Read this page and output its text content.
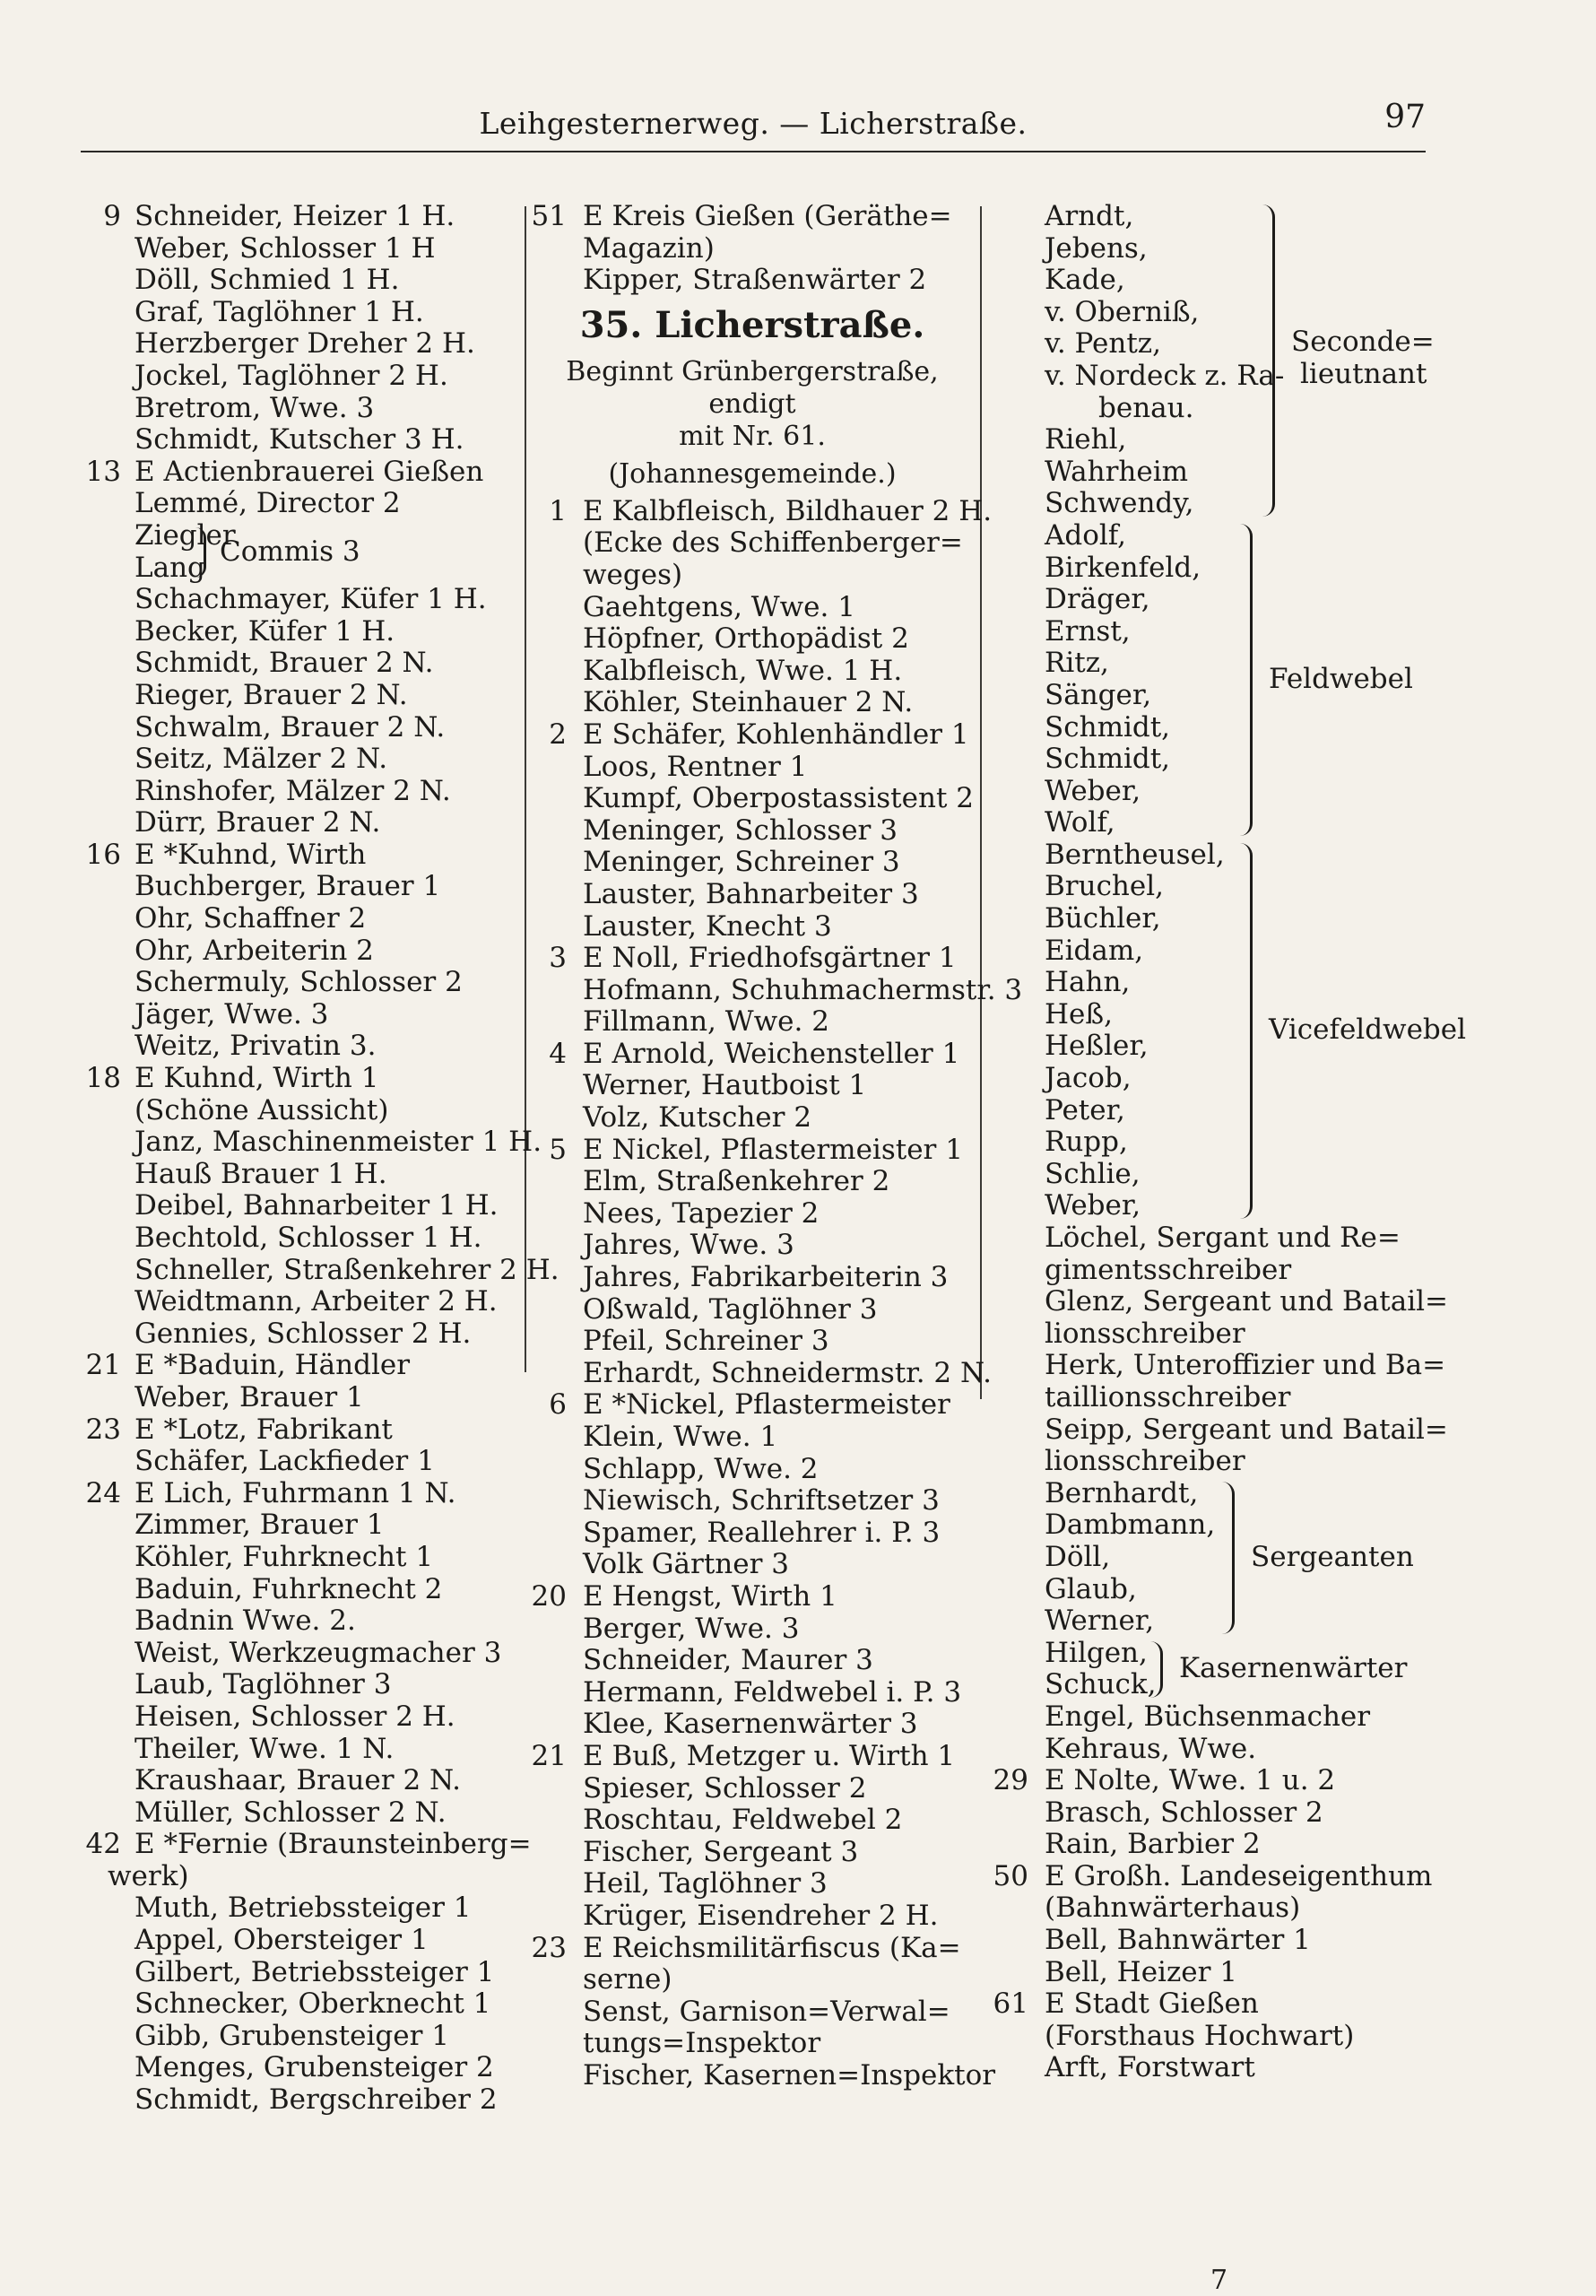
Leihgesternerweg. — Licherstraße.	97
9 Schneider, Heizer 1 H.
Weber, Schlosser 1 H
Döll, Schmied 1 H.
Graf, Taglöhner 1 H.
Herzberger Dreher 2 H.
Jockel, Taglöhner 2 H.
Bretrom, Wwe. 3
Schmidt, Kutscher 3 H.
13 E Actienbrauerei Gießen
Lemmé, Director 2
Ziegler
Lang Commis 3
Schachmayer, Küfer 1 H.
Becker, Küfer 1 H.
Schmidt, Brauer 2 N.
Rieger, Brauer 2 N.
Schwalm, Brauer 2 N.
Seitz, Mälzer 2 N.
Rinshofer, Mälzer 2 N.
Dürr, Brauer 2 N.
16 E *Kuhnd, Wirth
Buchberger, Brauer 1
Ohr, Schaffner 2
Ohr, Arbeiterin 2
Schermuly, Schlosser 2
Jäger, Wwe. 3
Weitz, Privatin 3.
18 E Kuhnd, Wirth 1
(Schöne Aussicht)
Janz, Maschinenmeister 1 H.
Hauß Brauer 1 H.
Deibel, Bahnarbeiter 1 H.
Bechtold, Schlosser 1 H.
Schneller, Straßenkehrer 2 H.
Weidtmann, Arbeiter 2 H.
Gennies, Schlosser 2 H.
21 E *Baduin, Händler
Weber, Brauer 1
23 E *Lotz, Fabrikant
Schäfer, Lackfieder 1
24 E Lich, Fuhrmann 1 N.
Zimmer, Brauer 1
Köhler, Fuhrknecht 1
Baduin, Fuhrknecht 2
Badnin Wwe. 2.
Weist, Werkzeugmacher 3
Laub, Taglöhner 3
Heisen, Schlosser 2 H.
Theiler, Wwe. 1 N.
Kraushaar, Brauer 2 N.
Müller, Schlosser 2 N.
42 E *Fernie (Braunsteinberg=
werk)
Muth, Betriebssteiger 1
Appel, Obersteiger 1
Gilbert, Betriebssteiger 1
Schnecker, Oberknecht 1
Gibb, Grubensteiger 1
Menges, Grubensteiger 2
Schmidt, Bergschreiber 2
51 E Kreis Gießen (Geräthe=
Magazin)
Kipper, Straßenwärter 2
35. Licherstraße.
Beginnt Grünbergerstraße, endigt
mit Nr. 61.
(Johannesgemeinde.)
1 E Kalbfleisch, Bildhauer 2 H.
(Ecke des Schiffenberger=
weges)
Gaehtgens, Wwe. 1
Höpfner, Orthopädist 2
Kalbfleisch, Wwe. 1 H.
Köhler, Steinhauer 2 N.
2 E Schäfer, Kohlenhändler 1
Loos, Rentner 1
Kumpf, Oberpostassistent 2
Meninger, Schlosser 3
Meninger, Schreiner 3
Lauster, Bahnarbeiter 3
Lauster, Knecht 3
3 E Noll, Friedhofsgärtner 1
Hofmann, Schuhmachermstr. 3
Fillmann, Wwe. 2
4 E Arnold, Weichensteller 1
Werner, Hautboist 1
Volz, Kutscher 2
5 E Nickel, Pflastermeister 1
Elm, Straßenkehrer 2
Nees, Tapezier 2
Jahres, Wwe. 3
Jahres, Fabrikarbeiterin 3
Oßwald, Taglöhner 3
Pfeil, Schreiner 3
Erhardt, Schneidermstr. 2 N.
6 E *Nickel, Pflastermeister
Klein, Wwe. 1
Schlapp, Wwe. 2
Niewisch, Schriftsetzer 3
Spamer, Reallehrer i. P. 3
Volk Gärtner 3
20 E Hengst, Wirth 1
Berger, Wwe. 3
Schneider, Maurer 3
Hermann, Feldwebel i. P. 3
Klee, Kasernenwärter 3
21 E Buß, Metzger u. Wirth 1
Spieser, Schlosser 2
Roschtau, Feldwebel 2
Fischer, Sergeant 3
Heil, Taglöhner 3
Krüger, Eisendreher 2 H.
23 E Reichsmilitärfiscus (Ka=
serne)
Senst, Garnison=Verwal=
tungs=Inspektor
Fischer, Kasernen=Inspektor
Arndt,
Jebens,
Kade,
v. Oberniß,
v. Pentz,
v. Nordeck z. Ra-
benau.
Riehl,
Wahrheim
Schwendy,
Seconde=
lieutnant
Adolf,
Birkenfeld,
Dräger,
Ernst,
Ritz,
Sänger,
Schmidt,
Schmidt,
Weber,
Wolf,
Feldwebel
Berntheusel,
Bruchel,
Büchler,
Eidam,
Hahn,
Heß,
Heßler,
Jacob,
Peter,
Rupp,
Schlie,
Weber,
Vicefeldwebel
Löchel, Sergant und Re=
gimentsschreiber
Glenz, Sergeant und Batail=
lionsschreiber
Herk, Unteroffizier und Ba=
taillionsschreiber
Seipp, Sergeant und Batail=
lionsschreiber
Bernhardt,
Dambmann,
Döll,
Glaub,
Werner,
Sergeanten
Hilgen,
Schuck, Kasernenwärter
Engel, Büchsenmacher
Kehraus, Wwe.
29 E Nolte, Wwe. 1 u. 2
Brasch, Schlosser 2
Rain, Barbier 2
50 E Großh. Landeseigenthum
(Bahnwärterhaus)
Bell, Bahnwärter 1
Bell, Heizer 1
61 E Stadt Gießen
(Forsthaus Hochwart)
Arft, Forstwart
7
